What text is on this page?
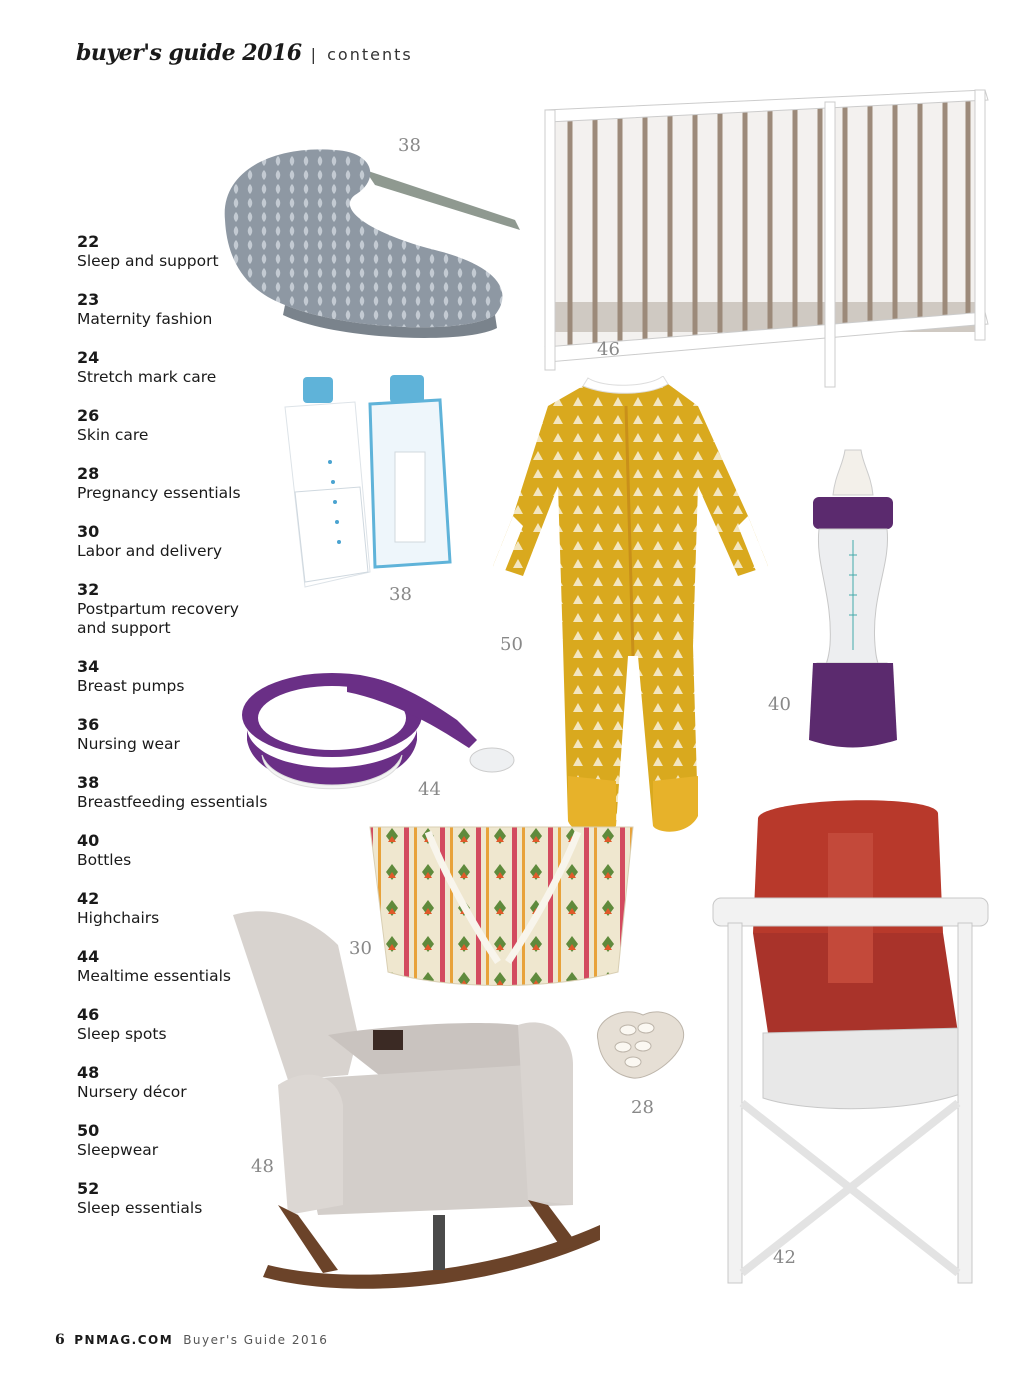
buyer's guide 2016 | contents
22
Sleep and support
23
Maternity fashion
24
Stretch mark care
26
Skin care
28
Pregnancy essentials
30
Labor and delivery
32
Postpartum recovery and support
34
Breast pumps
36
Nursing wear
38
Breastfeeding essentials
40
Bottles
42
Highchairs
44
Mealtime essentials
46
Sleep spots
48
Nursery décor
50
Sleepwear
52
Sleep essentials
38
46
38
50
40
44
30
48
28
42
6 PNMAG.COM Buyer's Guide 2016
